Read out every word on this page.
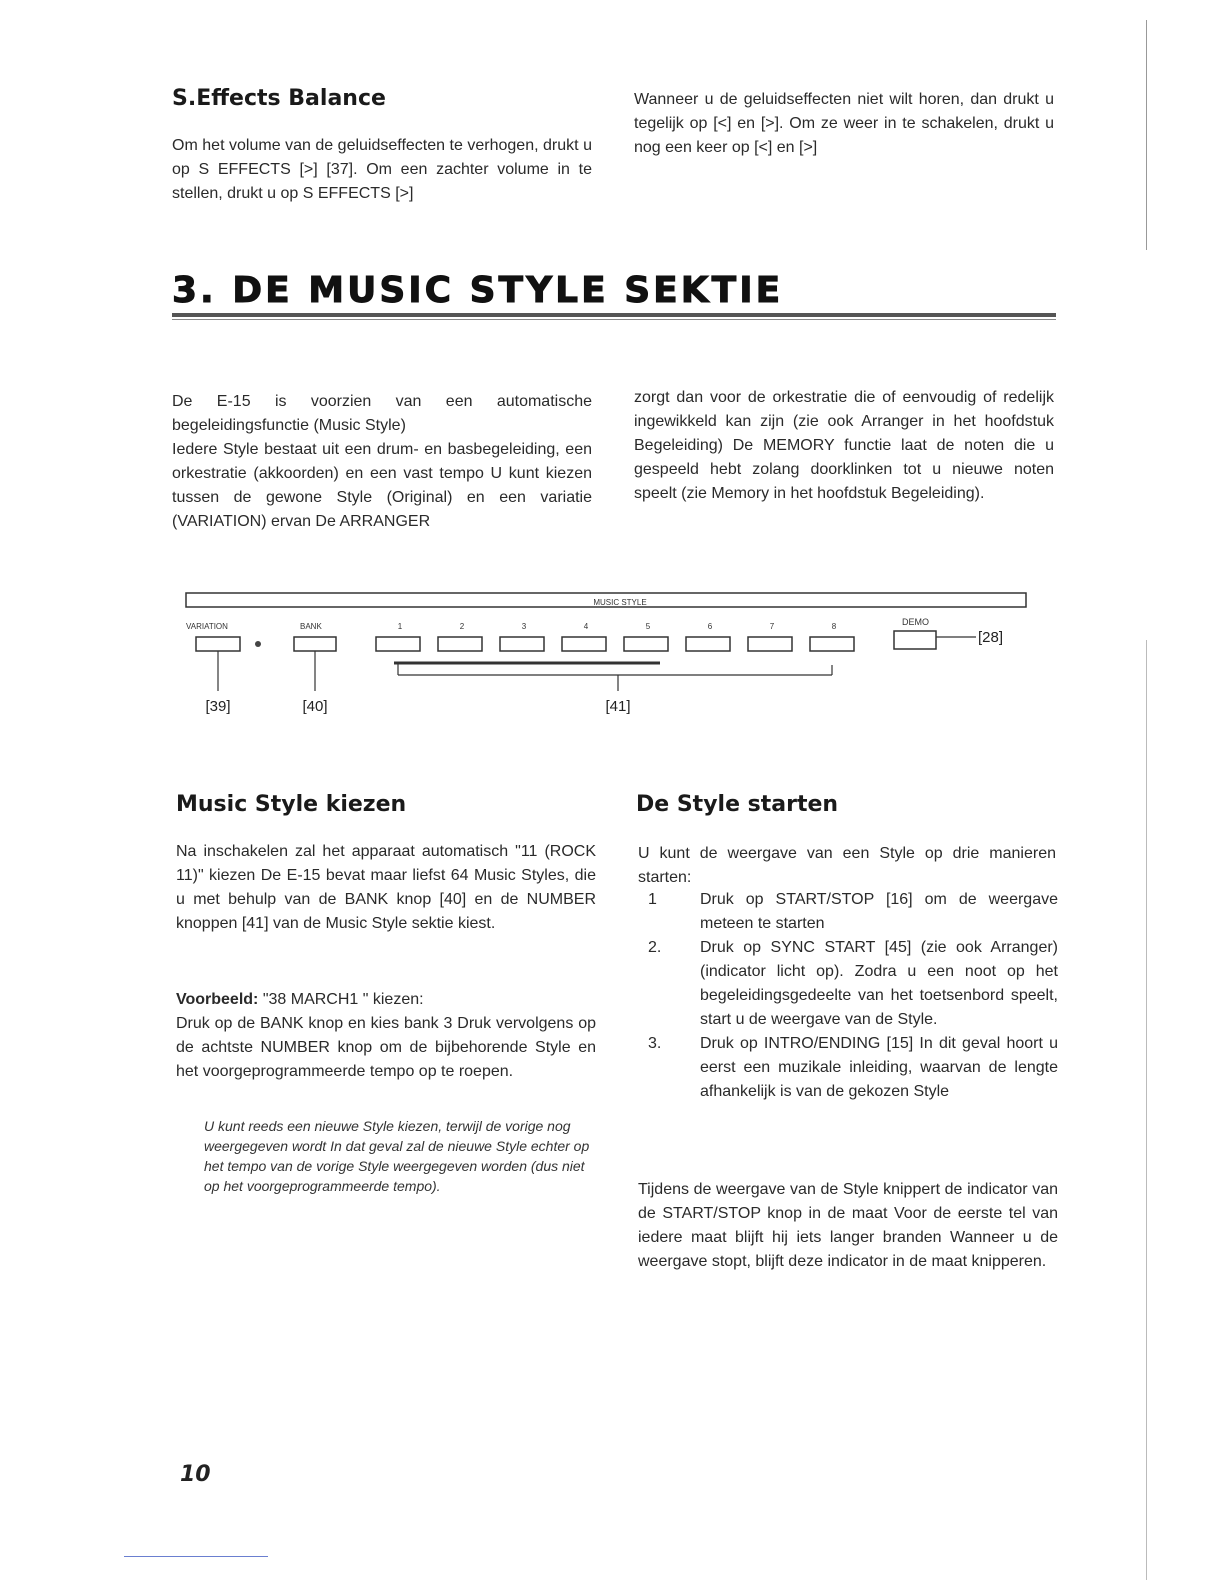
S.Effects Balance

Om het volume van de geluidseffecten te verhogen, drukt u op S EFFECTS [>] [37]. Om een zachter volume in te stellen, drukt u op S EFFECTS [>]

Wanneer u de geluidseffecten niet wilt horen, dan drukt u tegelijk op [<] en [>]. Om ze weer in te schakelen, drukt u nog een keer op [<] en [>]

3. DE MUSIC STYLE SEKTIE

De E-15 is voorzien van een automatische begeleidingsfunctie (Music Style)
Iedere Style bestaat uit een drum- en basbegeleiding, een orkestratie (akkoorden) en een vast tempo U kunt kiezen tussen de gewone Style (Original) en een variatie (VARIATION) ervan De ARRANGER

zorgt dan voor de orkestratie die of eenvoudig of redelijk ingewikkeld kan zijn (zie ook Arranger in het hoofdstuk Begeleiding) De MEMORY functie laat de noten die u gespeeld hebt zolang doorklinken tot u nieuwe noten speelt (zie Memory in het hoofdstuk Begeleiding).

MUSIC STYLE
VARIATION
[39]
BANK
[40]
1	2	3	4	5	6	7	8
[41]
DEMO
[28]
Music Style kiezen

Na inschakelen zal het apparaat automatisch "11 (ROCK 11)" kiezen De E-15 bevat maar liefst 64 Music Styles, die u met behulp van de BANK knop [40] en de NUMBER knoppen [41] van de Music Style sektie kiest.

Voorbeeld: "38 MARCH1 " kiezen:

Druk op de BANK knop en kies bank 3 Druk vervolgens op de achtste NUMBER knop om de bijbehorende Style en het voorgeprogrammeerde tempo op te roepen.

U kunt reeds een nieuwe Style kiezen, terwijl de vorige nog weergegeven wordt In dat geval zal de nieuwe Style echter op het tempo van de vorige Style weergegeven worden (dus niet op het voorgeprogrammeerde tempo).

De Style starten

U kunt de weergave van een Style op drie manieren starten:

1	Druk op START/STOP [16] om de weergave meteen te starten
2.	Druk op SYNC START [45] (zie ook Arranger)(indicator licht op). Zodra u een noot op het begeleidingsgedeelte van het toetsenbord speelt, start u de weergave van de Style.
3.	Druk op INTRO/ENDING [15] In dit geval hoort u eerst een muzikale inleiding, waarvan de lengte afhankelijk is van de gekozen Style

Tijdens de weergave van de Style knippert de indicator van de START/STOP knop in de maat Voor de eerste tel van iedere maat blijft hij iets langer branden Wanneer u de weergave stopt, blijft deze indicator in de maat knipperen.

10
